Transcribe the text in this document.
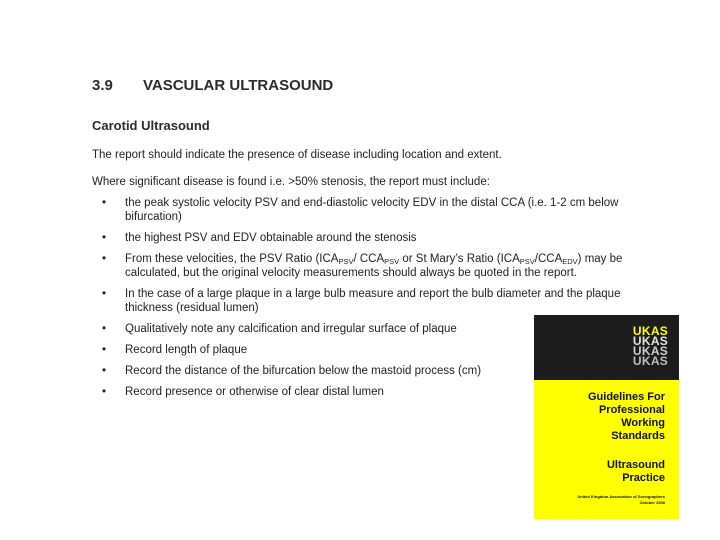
3.9 VASCULAR ULTRASOUND
Carotid Ultrasound
The report should indicate the presence of disease including location and extent.
Where significant disease is found i.e. >50% stenosis, the report must include:
• the peak systolic velocity PSV and end-diastolic velocity EDV in the distal CCA (i.e. 1-2 cm below bifurcation)
• the highest PSV and EDV obtainable around the stenosis
• From these velocities, the PSV Ratio ($ICA_{PSV}/$ $CCA_{PSV}$ or St Mary’s Ratio $(ICA_{PSV}/CCA_{EDV})$ may be calculated, but the original velocity measurements should always be quoted in the report.
• In the case of a large plaque in a large bulb measure and report the bulb diameter and the plaque thickness (residual lumen)
• Qualitatively note any calcification and irregular surface of plaque
• Record length of plaque
• Record the distance of the bifurcation below the mastoid process (cm)
• Record presence or otherwise of clear distal lumen
UKAS
UKAS
UKAS
UKAS
Guidelines For
Professional
Working
Standards
Ultrasound
Practice
United Kingdom Association of Sonographers
October 2008
